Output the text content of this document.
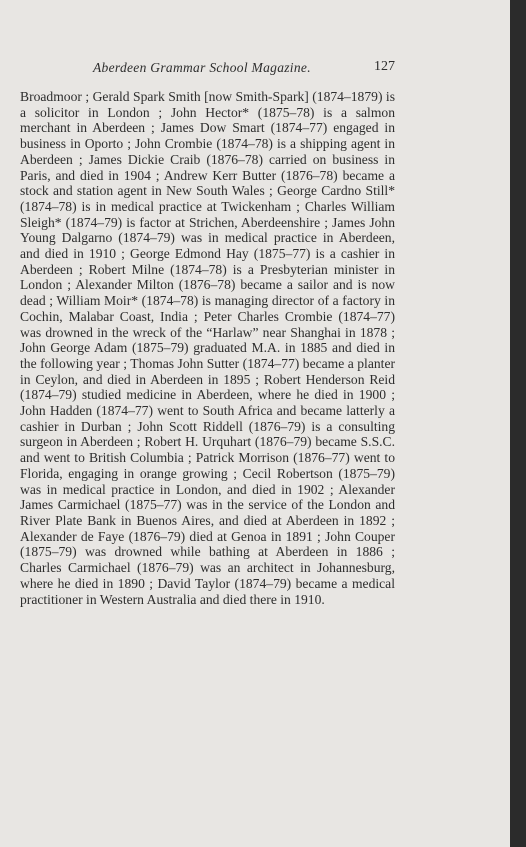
Aberdeen Grammar School Magazine.	127

Broadmoor ; Gerald Spark Smith [now Smith-Spark] (1874–1879) is a solicitor in London ; John Hector* (1875–78) is a salmon merchant in Aberdeen ; James Dow Smart (1874–77) engaged in business in Oporto ; John Crombie (1874–78) is a shipping agent in Aberdeen ; James Dickie Craib (1876–78) carried on business in Paris, and died in 1904 ; Andrew Kerr Butter (1876–78) became a stock and station agent in New South Wales ; George Cardno Still* (1874–78) is in medical practice at Twickenham ; Charles William Sleigh* (1874–79) is factor at Strichen, Aberdeenshire ; James John Young Dalgarno (1874–79) was in medical practice in Aberdeen, and died in 1910 ; George Edmond Hay (1875–77) is a cashier in Aberdeen ; Robert Milne (1874–78) is a Presbyterian minister in London ; Alexander Milton (1876–78) became a sailor and is now dead ; William Moir* (1874–78) is managing director of a factory in Cochin, Malabar Coast, India ; Peter Charles Crombie (1874–77) was drowned in the wreck of the “Harlaw” near Shanghai in 1878 ; John George Adam (1875–79) graduated M.A. in 1885 and died in the following year ; Thomas John Sutter (1874–77) became a planter in Ceylon, and died in Aberdeen in 1895 ; Robert Henderson Reid (1874–79) studied medicine in Aberdeen, where he died in 1900 ; John Hadden (1874–77) went to South Africa and became latterly a cashier in Durban ; John Scott Riddell (1876–79) is a consulting surgeon in Aberdeen ; Robert H. Urquhart (1876–79) became S.S.C. and went to British Columbia ; Patrick Morrison (1876–77) went to Florida, engaging in orange growing ; Cecil Robertson (1875–79) was in medical practice in London, and died in 1902 ; Alexander James Carmichael (1875–77) was in the service of the London and River Plate Bank in Buenos Aires, and died at Aberdeen in 1892 ; Alexander de Faye (1876–79) died at Genoa in 1891 ; John Couper (1875–79) was drowned while bathing at Aberdeen in 1886 ; Charles Carmichael (1876–79) was an architect in Johannesburg, where he died in 1890 ; David Taylor (1874–79) became a medical practitioner in Western Australia and died there in 1910.
